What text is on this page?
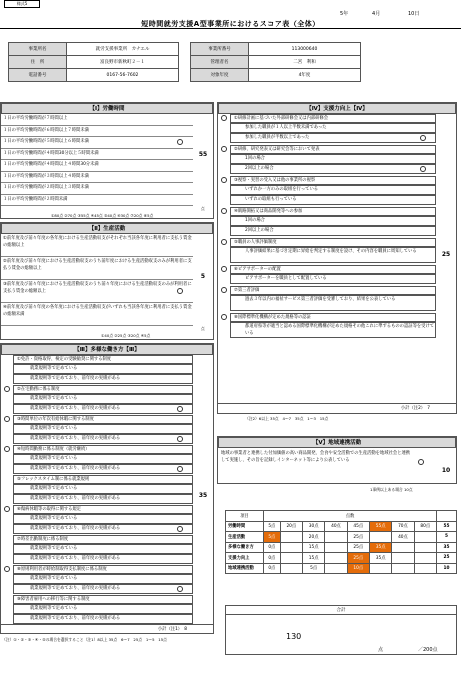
様式5
5年	4月	10日
短時間就労支援A型事業所におけるスコア表（全体）
事業所名	就労支援事業所　カナエル		事業所番号	113000640
住　所	富良野市新秋町２－１		管理者名	二宮　利和
電話番号	0167-56-7602		対象年度	4年度
【Ⅰ】労働時間
１日の平均労働時間が７時間以上
１日の平均労働時間が６時間以上７時間未満
１日の平均労働時間が５時間以上６時間未満
１日の平均労働時間が４時間30分以上５時間未満
１日の平均労働時間が４時間以上４時間30分未満
１日の平均労働時間が３時間以上４時間未満
１日の平均労働時間が２時間以上３時間未満
１日の平均労働時間が２時間未満
55
点
①80点 ②70点 ③55点 ④45点 ⑤40点 ⑥30点 ⑦20点 ⑧5点
【Ⅱ】生産活動
①前年度及び前々年度の各年度における生産活動収支がそれぞれ当該各年度に利用者に支払う賃金の総額以上
②前年度及び前々年度における生産活動収支のうち前年度における生産活動収支のみが利用者に支払う賃金の総額以上
③前年度及び前々年度における生産活動収支のうち前々年度における生産活動収支のみが利用者に支払う賃金の総額以上
④前年度及び前々年度の各年度における生産活動収支がいずれも当該各年度に利用者に支払う賃金の総額未満
5
点
①40点 ②25点 ③20点 ④5点
【Ⅲ】多様な働き方【Ⅲ】
①免許・資格取得、検定の受験勧奨に関する制度
就業規則等で定めている
就業規則等で定めており、前年度の実績がある
②在宅勤務に係る制度
就業規則等で定めている
就業規則等で定めており、前年度の実績がある
③時間単位の年次有給休暇に関する制度
就業規則等で定めている
就業規則等で定めており、前年度の実績がある
④短時間勤務に係る制度（就労継続）
就業規則等で定めている
就業規則等で定めており、前年度の実績がある
⑤フレックスタイム制に係る就業規則
就業規則等で定めている
就業規則等で定めており、前年度の実績がある
⑥傷病休暇等の取得に関する規定
就業規則等で定めている
就業規則等で定めており、前年度の実績がある
⑦時差出勤制度に係る制度
就業規則等で定めている
就業規則等で定めており、前年度の実績がある
⑧原則利用者が時給制取得支払制度に係る制度
就業規則等で定めている
就業規則等で定めており、前年度の実績がある
⑨障害者雇用への移行等に関する制度
就業規則等で定めている
就業規則等で定めており、前年度の実績がある
35
小計（注1）　 8
（注）①・②・③・④・⑤の場合を選択すること（注1）8以上 35点　6～7　25点　1～5　15点
【Ⅳ】支援力向上【Ⅳ】
①研修計画に基づいた外部研修会又は内部研修会
参加した職員が１人以上半数未満であった
参加した職員が半数以上であった
②研修、研究発表又は研究会等において発表
1回の場合
2回以上の場合
③視察・実習の受入又は他の事業所の視察
いずれか一方のみの取組を行っている
いずれの取組も行っている
④販路開拓又は商品開発等への参加
1回の場合
2回以上の場合
⑤職員の人事評価制度
人事評価結果に基づき定期に昇給を判定する制度を設け、その内容を職員に周知している
⑥ピアサポーターの配置
ピアサポーターを職員として配置している
⑦第三者評価
過去３年以内の福祉サービス第三者評価を受審しており、結果を公表している
⑧国際標準化機構が定めた規格等の認証
都道府県等が適当と認める国際標準化機構が定めた規格その他これに準ずるものの認証等を受けている
25
小計（注2）　 7
（注2）6以上 35点　4～7　35点　1～3　15点
【Ⅴ】地域連携活動
地域の事業者と連携した付加価値の高い商品開発、会食や安全活動での生産活動を地域社会と連携して実施し、その旨を記録しインターネット等により公表している
10
1事例以上ある場合 10点
項目	点数								
労働時間	5点	20点	30点	40点	45点	55点	70点	80点	55
生産活動	5点		20点		25点		40点		5
多様な働き方	0点		15点		25点	35点			35
支援力向上	0点		15点		25点	35点			25
地域連携活動	0点		5点		10点				10
合計
130
点	／200点
